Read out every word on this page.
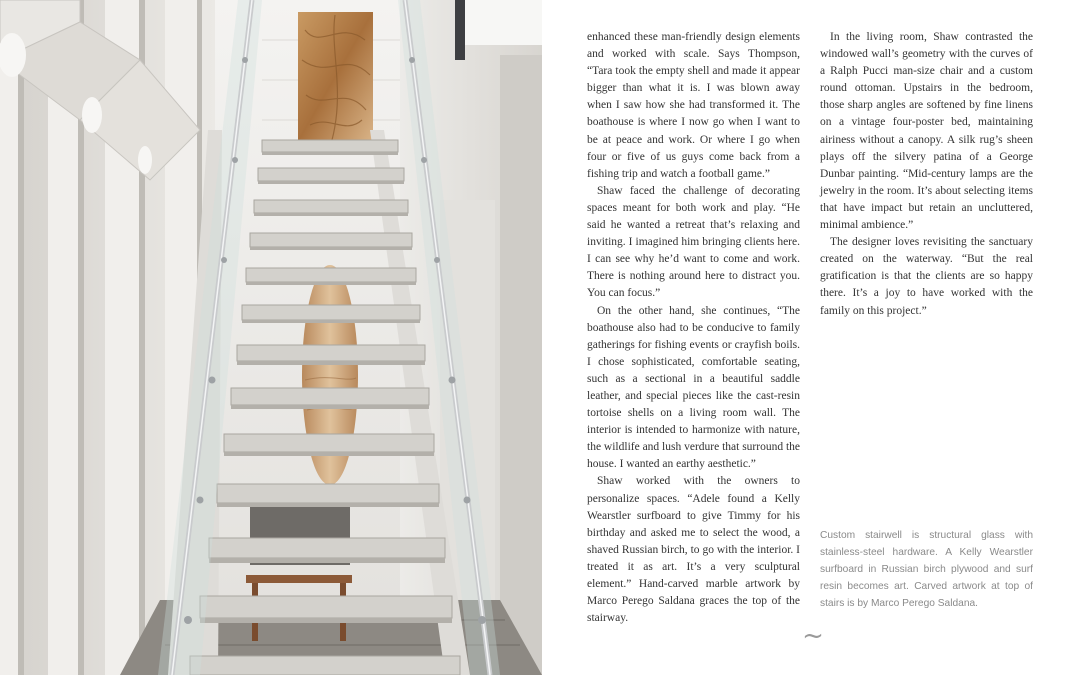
enhanced these man-friendly design elements and worked with scale. Says Thompson, “Tara took the empty shell and made it appear bigger than what it is. I was blown away when I saw how she had transformed it. The boathouse is where I now go when I want to be at peace and work. Or where I go when four or five of us guys come back from a fishing trip and watch a football game.”

Shaw faced the challenge of decorating spaces meant for both work and play. “He said he wanted a retreat that’s relaxing and inviting. I imagined him bringing clients here. I can see why he’d want to come and work. There is nothing around here to distract you. You can focus.”

On the other hand, she continues, “The boathouse also had to be conducive to family gatherings for fishing events or crayfish boils. I chose sophisticated, comfortable seating, such as a sectional in a beautiful saddle leather, and special pieces like the cast-resin tortoise shells on a living room wall. The interior is intended to harmonize with nature, the wildlife and lush verdure that surround the house. I wanted an earthy aesthetic.”

Shaw worked with the owners to personalize spaces. “Adele found a Kelly Wearstler surfboard to give Timmy for his birthday and asked me to select the wood, a shaved Russian birch, to go with the interior. I treated it as art. It’s a very sculptural element.” Hand-carved marble artwork by Marco Perego Saldana graces the top of the stairway.

In the living room, Shaw contrasted the windowed wall’s geometry with the curves of a Ralph Pucci man-size chair and a custom round ottoman. Upstairs in the bedroom, those sharp angles are softened by fine linens on a vintage four-poster bed, maintaining airiness without a canopy. A silk rug’s sheen plays off the silvery patina of a George Dunbar painting. “Mid-century lamps are the jewelry in the room. It’s about selecting items that have impact but retain an uncluttered, minimal ambience.”

The designer loves revisiting the sanctuary created on the waterway. “But the real gratification is that the clients are so happy there. It’s a joy to have worked with the family on this project.”

Custom stairwell is structural glass with stainless-steel hardware. A Kelly Wearstler surfboard in Russian birch plywood and surf resin becomes art. Carved artwork at top of stairs is by Marco Perego Saldana.
~
